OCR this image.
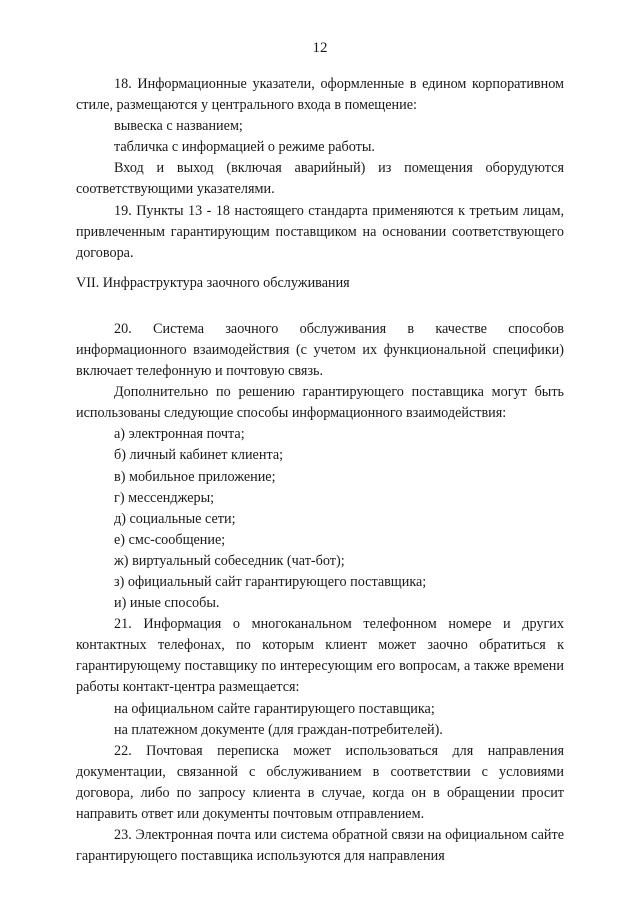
12

18. Информационные указатели, оформленные в едином корпоративном стиле, размещаются у центрального входа в помещение:

вывеска с названием;

табличка с информацией о режиме работы.

Вход и выход (включая аварийный) из помещения оборудуются соответствующими указателями.

19. Пункты 13 - 18 настоящего стандарта применяются к третьим лицам, привлеченным гарантирующим поставщиком на основании соответствующего договора.

VII. Инфраструктура заочного обслуживания

20. Система заочного обслуживания в качестве способов информационного взаимодействия (с учетом их функциональной специфики) включает телефонную и почтовую связь.

Дополнительно по решению гарантирующего поставщика могут быть использованы следующие способы информационного взаимодействия:

а) электронная почта;

б) личный кабинет клиента;

в) мобильное приложение;

г) мессенджеры;

д) социальные сети;

е) смс-сообщение;

ж) виртуальный собеседник (чат-бот);

з) официальный сайт гарантирующего поставщика;

и) иные способы.

21. Информация о многоканальном телефонном номере и других контактных телефонах, по которым клиент может заочно обратиться к гарантирующему поставщику по интересующим его вопросам, а также времени работы контакт-центра размещается:

на официальном сайте гарантирующего поставщика;

на платежном документе (для граждан-потребителей).

22. Почтовая переписка может использоваться для направления документации, связанной с обслуживанием в соответствии с условиями договора, либо по запросу клиента в случае, когда он в обращении просит направить ответ или документы почтовым отправлением.

23. Электронная почта или система обратной связи на официальном сайте гарантирующего поставщика используются для направления
